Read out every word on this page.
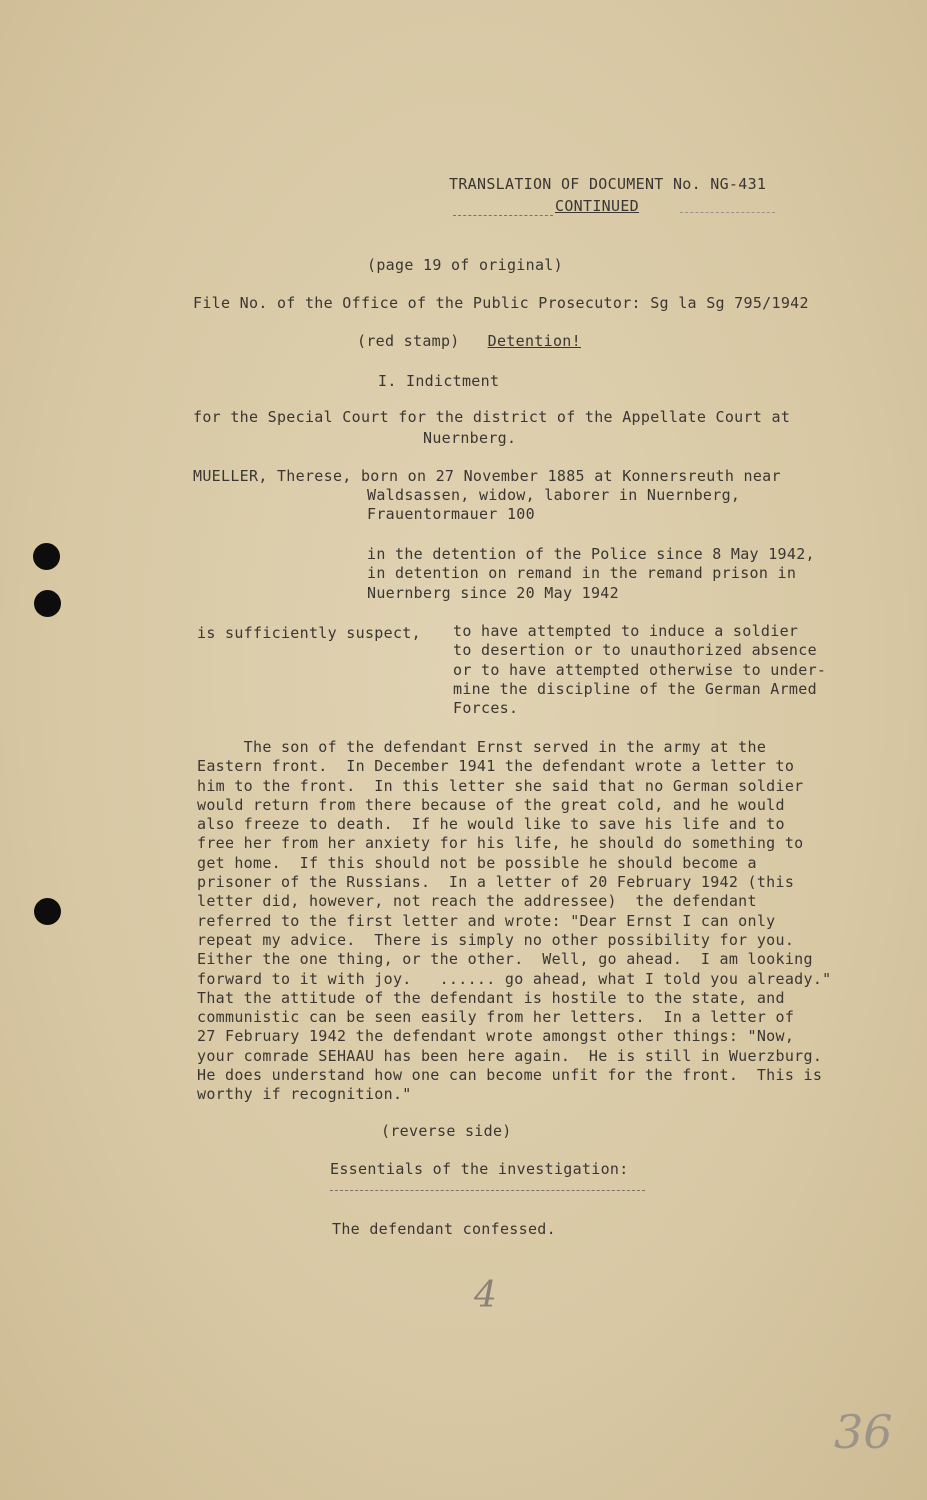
TRANSLATION OF DOCUMENT No. NG-431
CONTINUED
(page 19 of original)
File No. of the Office of the Public Prosecutor: Sg la Sg 795/1942
(red stamp) Detention!
I. Indictment
for the Special Court for the district of the Appellate Court at
Nuernberg.
MUELLER, Therese, born on 27 November 1885 at Konnersreuth near
Waldsassen, widow, laborer in Nuernberg,
Frauentormauer 100
in the detention of the Police since 8 May 1942,
in detention on remand in the remand prison in
Nuernberg since 20 May 1942
is sufficiently suspect, to have attempted to induce a soldier
to desertion or to unauthorized absence
or to have attempted otherwise to under-
mine the discipline of the German Armed
Forces.
The son of the defendant Ernst served in the army at the
Eastern front.  In December 1941 the defendant wrote a letter to
him to the front.  In this letter she said that no German soldier
would return from there because of the great cold, and he would
also freeze to death.  If he would like to save his life and to
free her from her anxiety for his life, he should do something to
get home.  If this should not be possible he should become a
prisoner of the Russians.  In a letter of 20 February 1942 (this
letter did, however, not reach the addressee)  the defendant
referred to the first letter and wrote: "Dear Ernst I can only
repeat my advice.  There is simply no other possibility for you.
Either the one thing, or the other.  Well, go ahead.  I am looking
forward to it with joy.   ...... go ahead, what I told you already."
That the attitude of the defendant is hostile to the state, and
communistic can be seen easily from her letters.  In a letter of
27 February 1942 the defendant wrote amongst other things: "Now,
your comrade SEHAAU has been here again.  He is still in Wuerzburg.
He does understand how one can become unfit for the front.  This is
worthy if recognition."
(reverse side)
Essentials of the investigation:
The defendant confessed.
4
36
